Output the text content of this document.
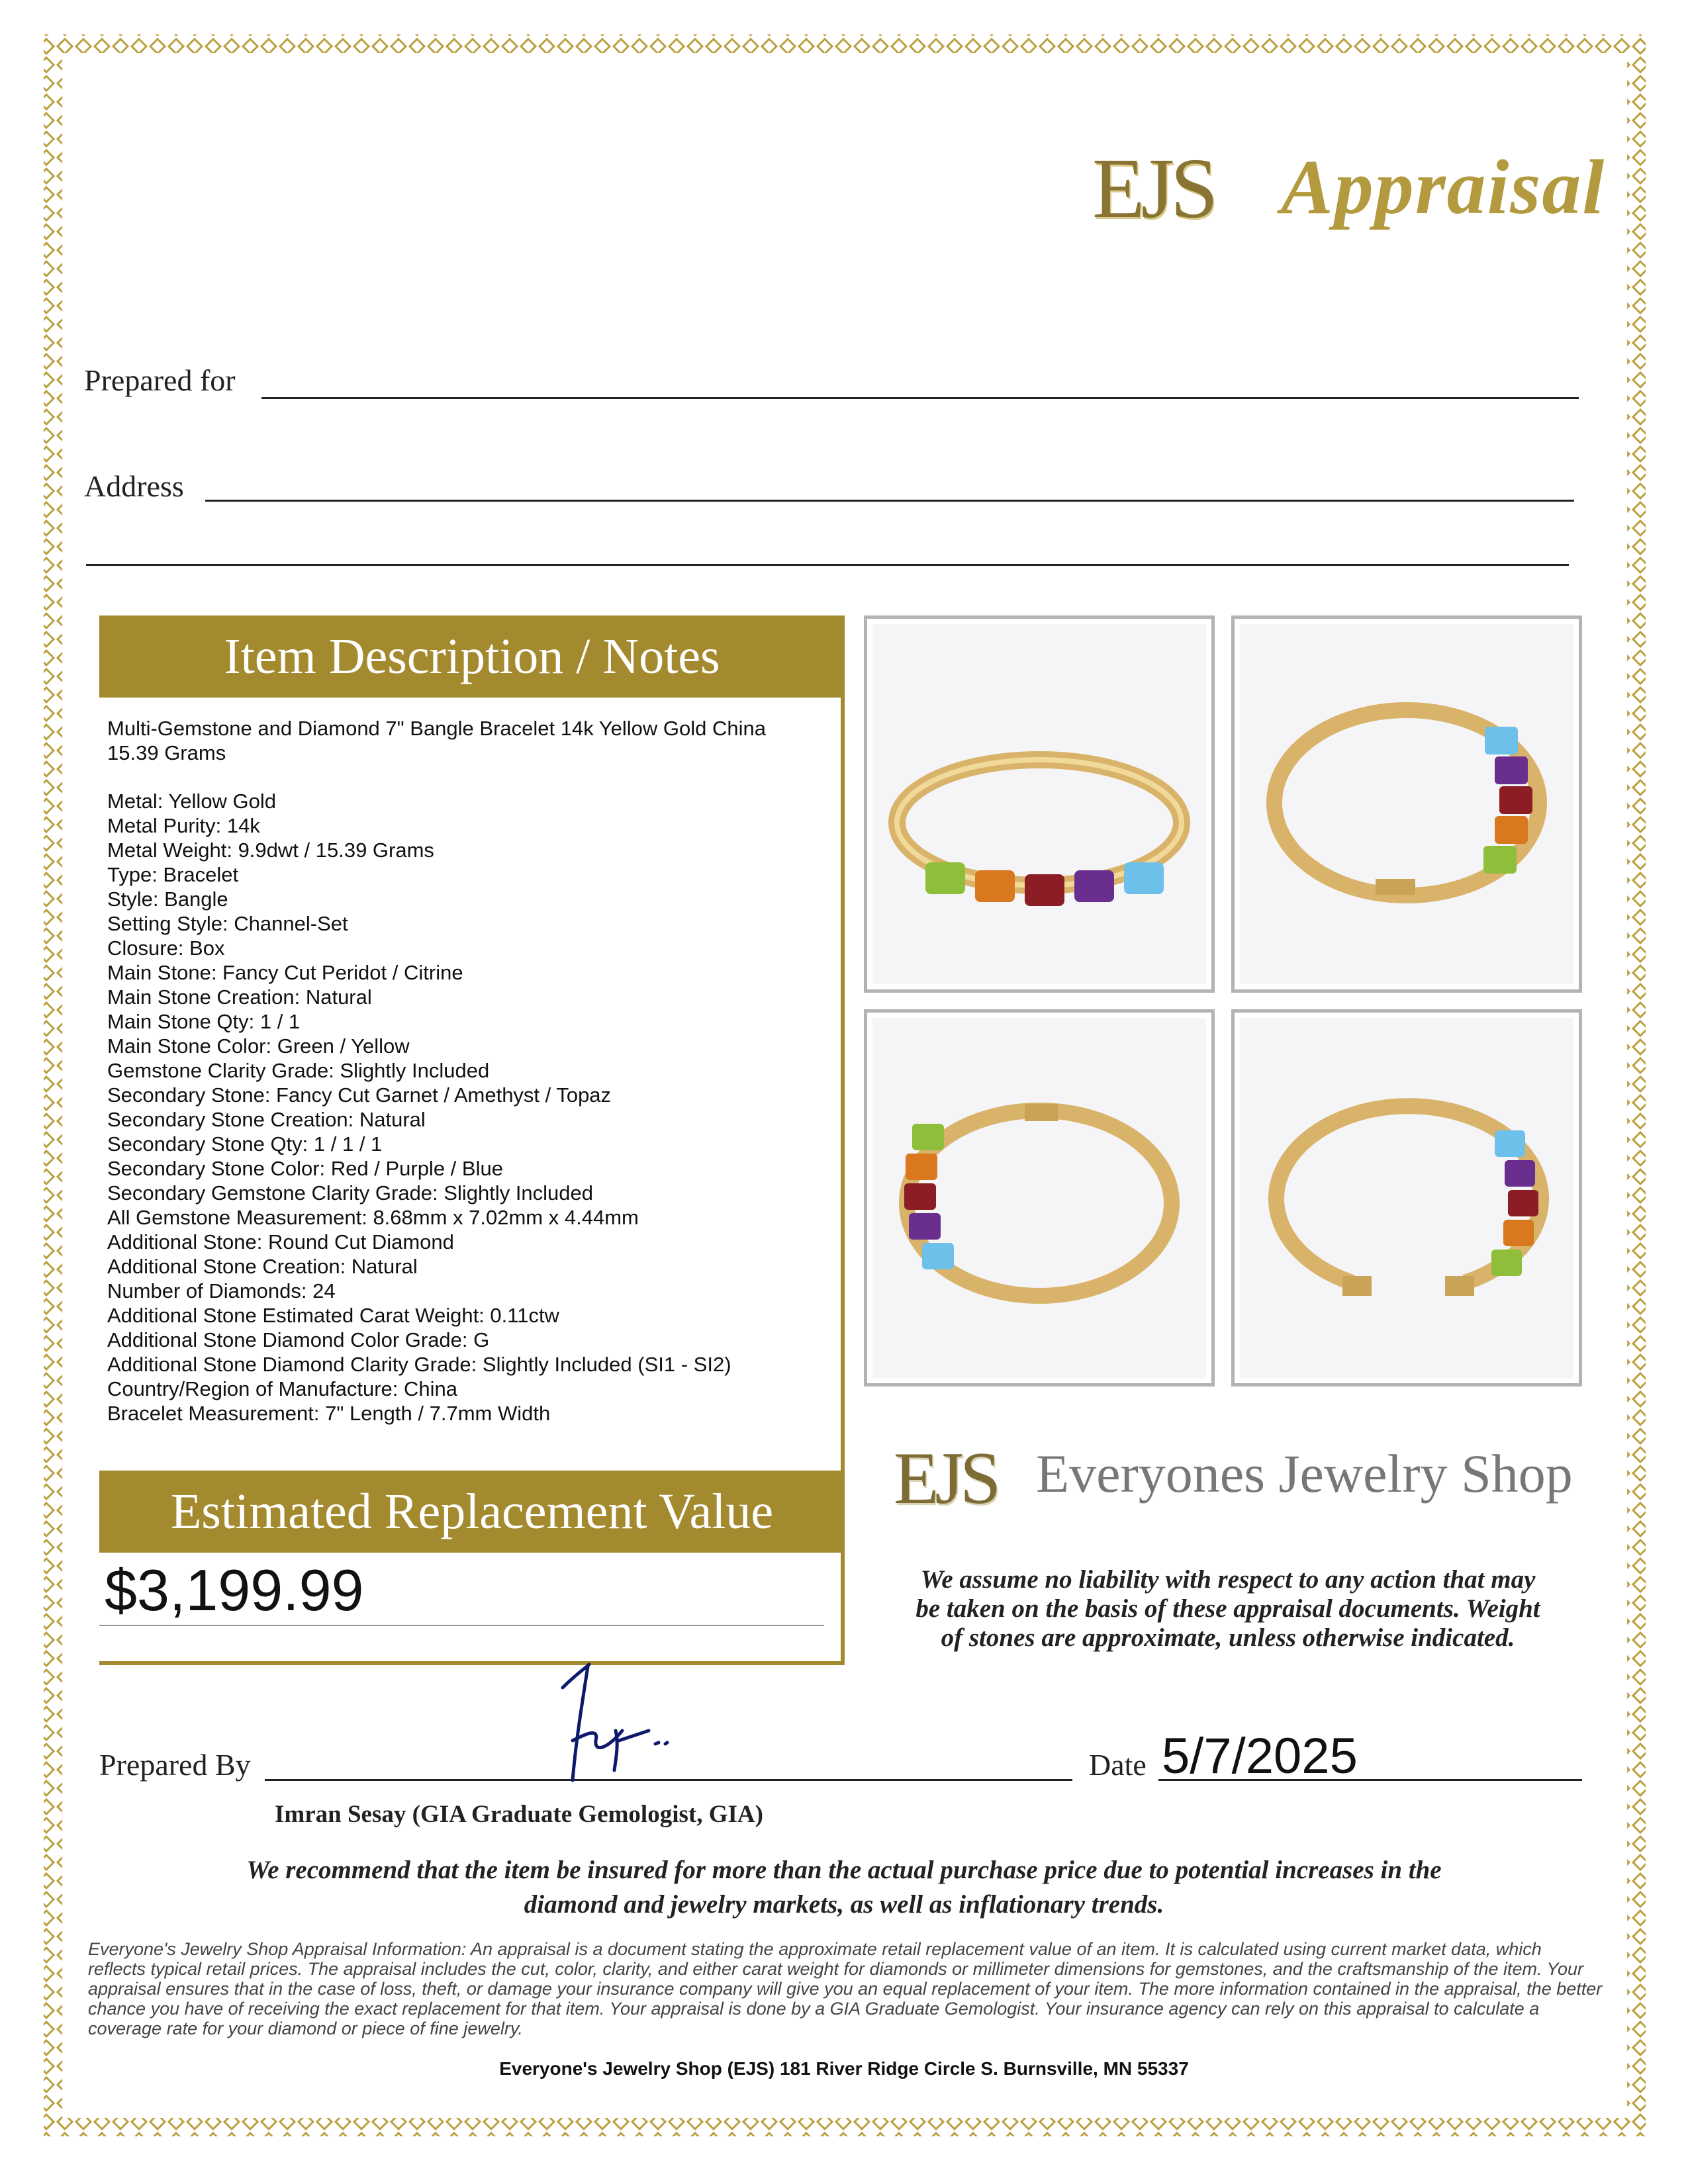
EJS Appraisal
Prepared for
Address
Item Description / Notes
Multi-Gemstone and Diamond 7" Bangle Bracelet 14k Yellow Gold China
15.39 Grams
Metal: Yellow Gold
Metal Purity: 14k
Metal Weight: 9.9dwt / 15.39 Grams
Type: Bracelet
Style: Bangle
Setting Style: Channel-Set
Closure: Box
Main Stone: Fancy Cut Peridot / Citrine
Main Stone Creation: Natural
Main Stone Qty: 1 / 1
Main Stone Color: Green / Yellow
Gemstone Clarity Grade: Slightly Included
Secondary Stone: Fancy Cut Garnet / Amethyst / Topaz
Secondary Stone Creation: Natural
Secondary Stone Qty: 1 / 1 / 1
Secondary Stone Color: Red / Purple / Blue
Secondary Gemstone Clarity Grade: Slightly Included
All Gemstone Measurement: 8.68mm x 7.02mm x 4.44mm
Additional Stone: Round Cut Diamond
Additional Stone Creation: Natural
Number of Diamonds: 24
Additional Stone Estimated Carat Weight: 0.11ctw
Additional Stone Diamond Color Grade: G
Additional Stone Diamond Clarity Grade: Slightly Included (SI1 - SI2)
Country/Region of Manufacture: China
Bracelet Measurement: 7" Length / 7.7mm Width
Estimated Replacement Value
$3,199.99
EJS Everyones Jewelry Shop
We assume no liability with respect to any action that may
be taken on the basis of these appraisal documents. Weight
of stones are approximate, unless otherwise indicated.
Prepared By	Date 5/7/2025
Imran Sesay (GIA Graduate Gemologist, GIA)
We recommend that the item be insured for more than the actual purchase price due to potential increases in the
diamond and jewelry markets, as well as inflationary trends.
Everyone's Jewelry Shop Appraisal Information: An appraisal is a document stating the approximate retail replacement value of an item. It is calculated using current market data, which reflects typical retail prices. The appraisal includes the cut, color, clarity, and either carat weight for diamonds or millimeter dimensions for gemstones, and the craftsmanship of the item. Your appraisal ensures that in the case of loss, theft, or damage your insurance company will give you an equal replacement of your item. The more information contained in the appraisal, the better chance you have of receiving the exact replacement for that item. Your appraisal is done by a GIA Graduate Gemologist. Your insurance agency can rely on this appraisal to calculate a coverage rate for your diamond or piece of fine jewelry.
Everyone's Jewelry Shop (EJS) 181 River Ridge Circle S. Burnsville, MN 55337
